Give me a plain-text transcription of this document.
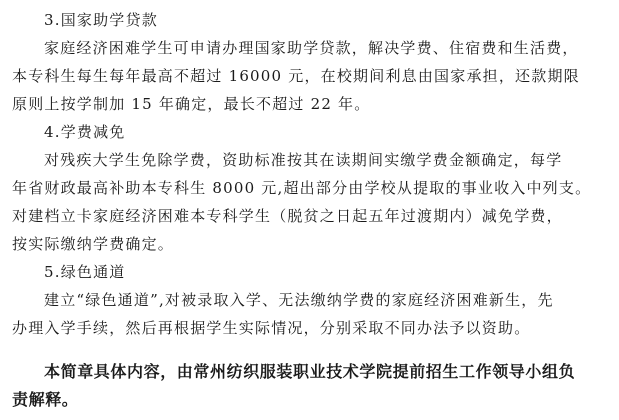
3.国家助学贷款
家庭经济困难学生可申请办理国家助学贷款，解决学费、住宿费和生活费，
本专科生每生每年最高不超过 16000 元，在校期间利息由国家承担，还款期限
原则上按学制加 15 年确定，最长不超过 22 年。
4.学费减免
对残疾大学生免除学费，资助标准按其在读期间实缴学费金额确定，每学
年省财政最高补助本专科生 8000 元,超出部分由学校从提取的事业收入中列支。
对建档立卡家庭经济困难本专科学生（脱贫之日起五年过渡期内）减免学费，
按实际缴纳学费确定。
5.绿色通道
建立“绿色通道”,对被录取入学、无法缴纳学费的家庭经济困难新生，先
办理入学手续，然后再根据学生实际情况，分别采取不同办法予以资助。
本简章具体内容，由常州纺织服装职业技术学院提前招生工作领导小组负
责解释。
